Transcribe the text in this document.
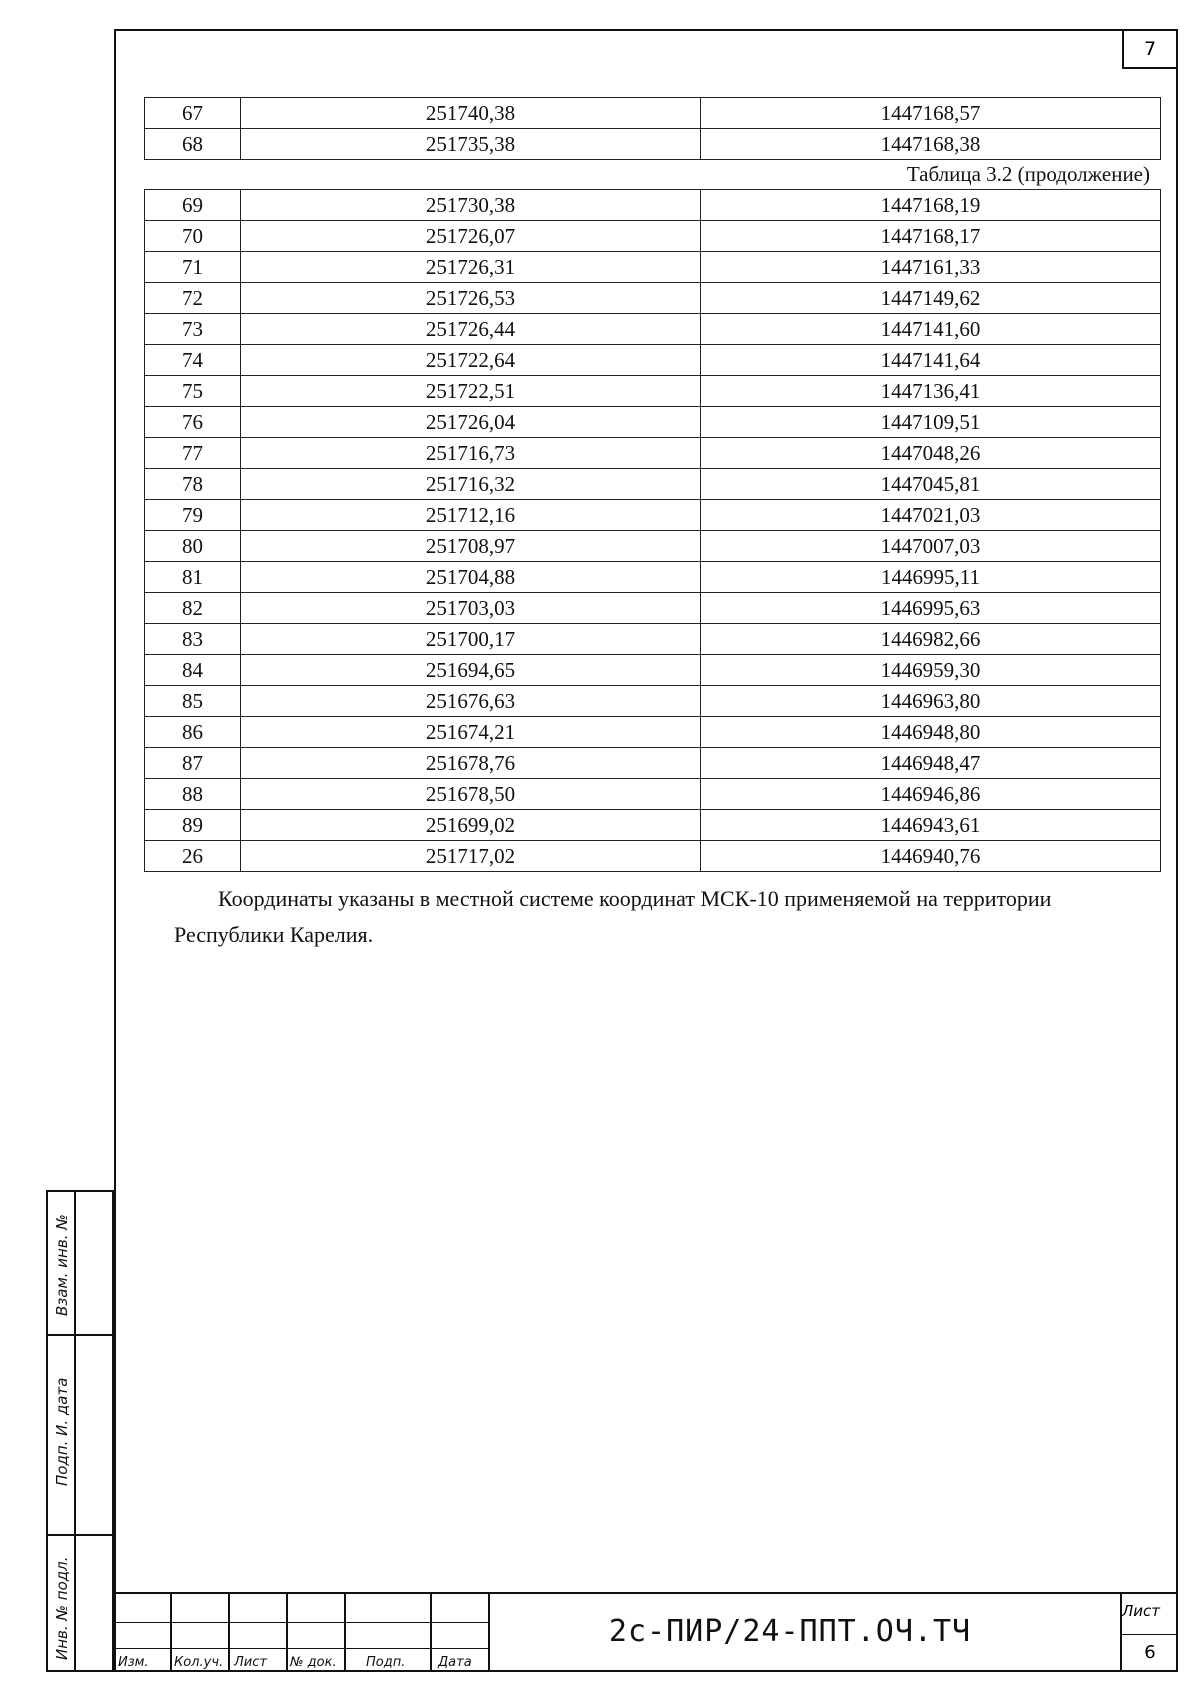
7
67	251740,38	1447168,57
68	251735,38	1447168,38
Таблица 3.2 (продолжение)
69	251730,38	1447168,19
70	251726,07	1447168,17
71	251726,31	1447161,33
72	251726,53	1447149,62
73	251726,44	1447141,60
74	251722,64	1447141,64
75	251722,51	1447136,41
76	251726,04	1447109,51
77	251716,73	1447048,26
78	251716,32	1447045,81
79	251712,16	1447021,03
80	251708,97	1447007,03
81	251704,88	1446995,11
82	251703,03	1446995,63
83	251700,17	1446982,66
84	251694,65	1446959,30
85	251676,63	1446963,80
86	251674,21	1446948,80
87	251678,76	1446948,47
88	251678,50	1446946,86
89	251699,02	1446943,61
26	251717,02	1446940,76

Координаты указаны в местной системе координат МСК-10 применяемой на территории

Республики Карелия.
Взам. инв. №
Подп. И. дата
Инв. № подл.
Изм. Кол.уч. Лист № док. Подп.	Дата
2с-ПИР/24-ППТ.ОЧ.ТЧ
Лист
6
